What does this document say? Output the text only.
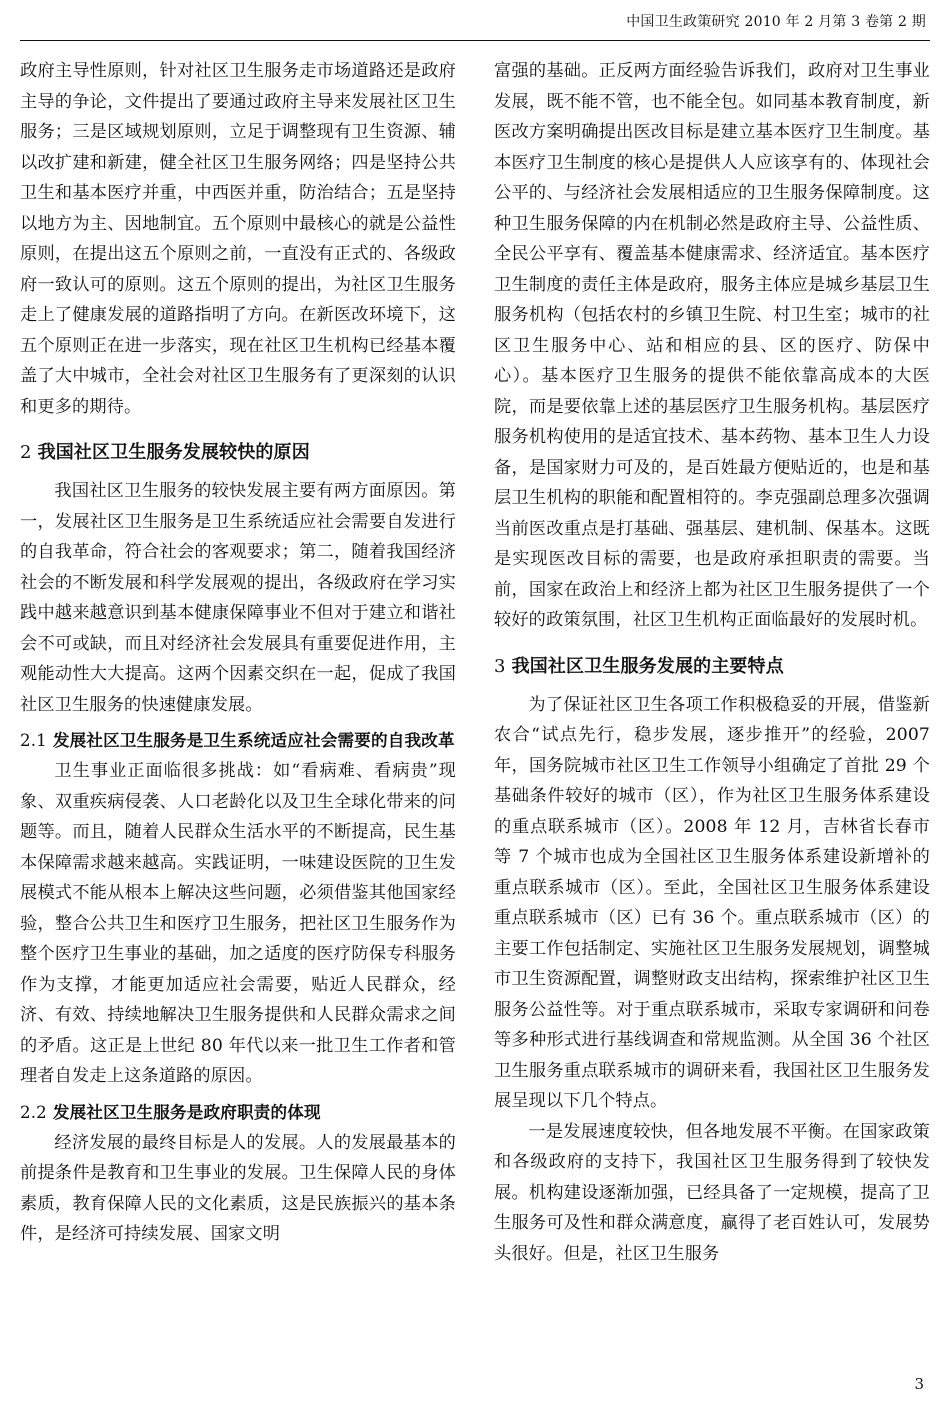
中国卫生政策研究 2010 年 2 月第 3 卷第 2 期

政府主导性原则，针对社区卫生服务走市场道路还是政府主导的争论，文件提出了要通过政府主导来发展社区卫生服务；三是区域规划原则，立足于调整现有卫生资源、辅以改扩建和新建，健全社区卫生服务网络；四是坚持公共卫生和基本医疗并重，中西医并重，防治结合；五是坚持以地方为主、因地制宜。五个原则中最核心的就是公益性原则，在提出这五个原则之前，一直没有正式的、各级政府一致认可的原则。这五个原则的提出，为社区卫生服务走上了健康发展的道路指明了方向。在新医改环境下，这五个原则正在进一步落实，现在社区卫生机构已经基本覆盖了大中城市，全社会对社区卫生服务有了更深刻的认识和更多的期待。

2 我国社区卫生服务发展较快的原因

我国社区卫生服务的较快发展主要有两方面原因。第一，发展社区卫生服务是卫生系统适应社会需要自发进行的自我革命，符合社会的客观要求；第二，随着我国经济社会的不断发展和科学发展观的提出，各级政府在学习实践中越来越意识到基本健康保障事业不但对于建立和谐社会不可或缺，而且对经济社会发展具有重要促进作用，主观能动性大大提高。这两个因素交织在一起，促成了我国社区卫生服务的快速健康发展。

2.1 发展社区卫生服务是卫生系统适应社会需要的自我改革

卫生事业正面临很多挑战：如“看病难、看病贵”现象、双重疾病侵袭、人口老龄化以及卫生全球化带来的问题等。而且，随着人民群众生活水平的不断提高，民生基本保障需求越来越高。实践证明，一味建设医院的卫生发展模式不能从根本上解决这些问题，必须借鉴其他国家经验，整合公共卫生和医疗卫生服务，把社区卫生服务作为整个医疗卫生事业的基础，加之适度的医疗防保专科服务作为支撑，才能更加适应社会需要，贴近人民群众，经济、有效、持续地解决卫生服务提供和人民群众需求之间的矛盾。这正是上世纪 80 年代以来一批卫生工作者和管理者自发走上这条道路的原因。

2.2 发展社区卫生服务是政府职责的体现

经济发展的最终目标是人的发展。人的发展最基本的前提条件是教育和卫生事业的发展。卫生保障人民的身体素质，教育保障人民的文化素质，这是民族振兴的基本条件，是经济可持续发展、国家文明

富强的基础。正反两方面经验告诉我们，政府对卫生事业发展，既不能不管，也不能全包。如同基本教育制度，新医改方案明确提出医改目标是建立基本医疗卫生制度。基本医疗卫生制度的核心是提供人人应该享有的、体现社会公平的、与经济社会发展相适应的卫生服务保障制度。这种卫生服务保障的内在机制必然是政府主导、公益性质、全民公平享有、覆盖基本健康需求、经济适宜。基本医疗卫生制度的责任主体是政府，服务主体应是城乡基层卫生服务机构（包括农村的乡镇卫生院、村卫生室；城市的社区卫生服务中心、站和相应的县、区的医疗、防保中心）。基本医疗卫生服务的提供不能依靠高成本的大医院，而是要依靠上述的基层医疗卫生服务机构。基层医疗服务机构使用的是适宜技术、基本药物、基本卫生人力设备，是国家财力可及的，是百姓最方便贴近的，也是和基层卫生机构的职能和配置相符的。李克强副总理多次强调当前医改重点是打基础、强基层、建机制、保基本。这既是实现医改目标的需要，也是政府承担职责的需要。当前，国家在政治上和经济上都为社区卫生服务提供了一个较好的政策氛围，社区卫生机构正面临最好的发展时机。

3 我国社区卫生服务发展的主要特点

为了保证社区卫生各项工作积极稳妥的开展，借鉴新农合“试点先行，稳步发展，逐步推开”的经验，2007 年，国务院城市社区卫生工作领导小组确定了首批 29 个基础条件较好的城市（区），作为社区卫生服务体系建设的重点联系城市（区）。2008 年 12 月，吉林省长春市等 7 个城市也成为全国社区卫生服务体系建设新增补的重点联系城市（区）。至此，全国社区卫生服务体系建设重点联系城市（区）已有 36 个。重点联系城市（区）的主要工作包括制定、实施社区卫生服务发展规划，调整城市卫生资源配置，调整财政支出结构，探索维护社区卫生服务公益性等。对于重点联系城市，采取专家调研和问卷等多种形式进行基线调查和常规监测。从全国 36 个社区卫生服务重点联系城市的调研来看，我国社区卫生服务发展呈现以下几个特点。

一是发展速度较快，但各地发展不平衡。在国家政策和各级政府的支持下，我国社区卫生服务得到了较快发展。机构建设逐渐加强，已经具备了一定规模，提高了卫生服务可及性和群众满意度，赢得了老百姓认可，发展势头很好。但是，社区卫生服务

3
